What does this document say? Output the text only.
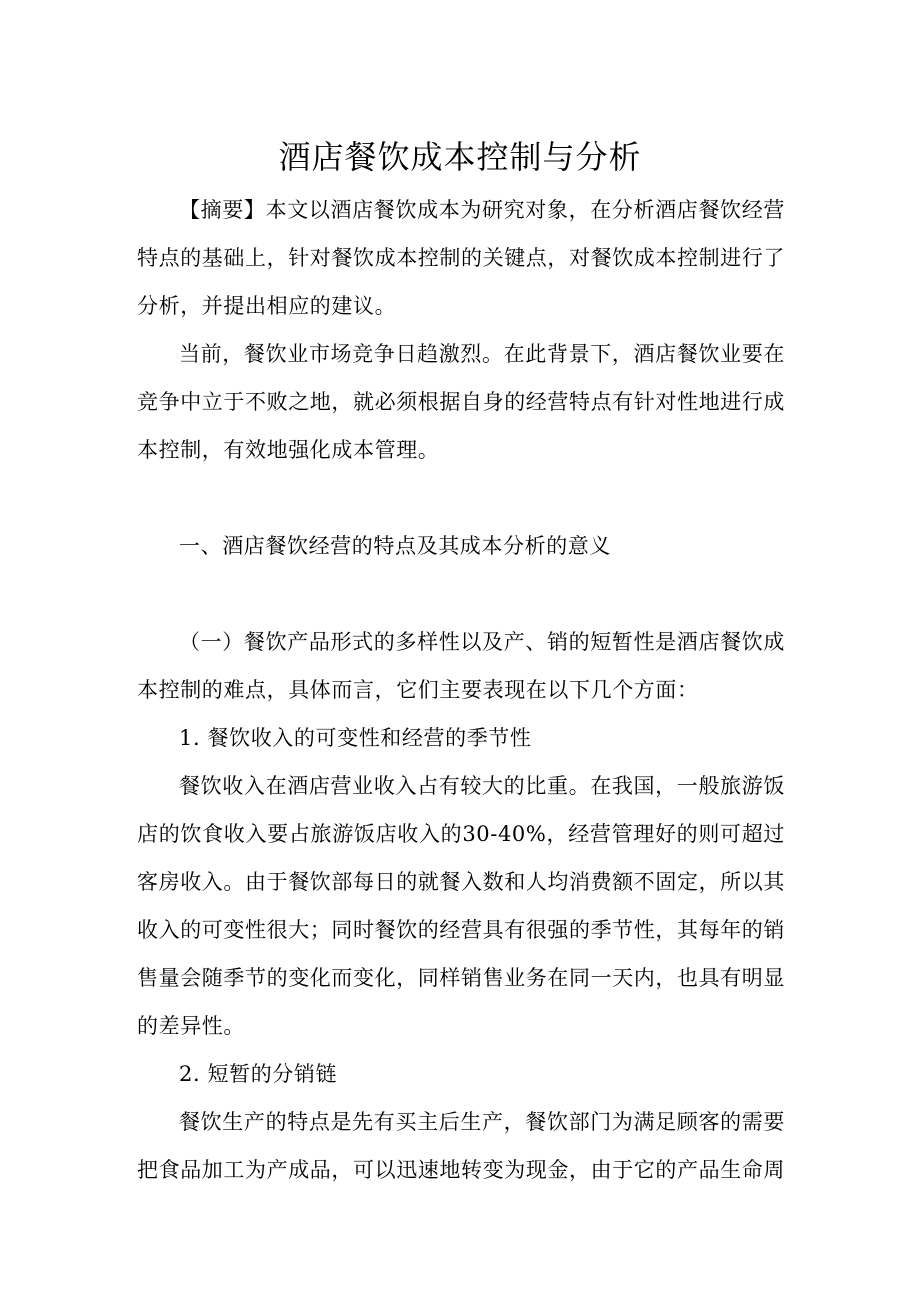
酒店餐饮成本控制与分析

【摘要】本文以酒店餐饮成本为研究对象，在分析酒店餐饮经营特点的基础上，针对餐饮成本控制的关键点，对餐饮成本控制进行了分析，并提出相应的建议。

当前，餐饮业市场竞争日趋激烈。在此背景下，酒店餐饮业要在竞争中立于不败之地，就必须根据自身的经营特点有针对性地进行成本控制，有效地强化成本管理。

一、酒店餐饮经营的特点及其成本分析的意义

（一）餐饮产品形式的多样性以及产、销的短暂性是酒店餐饮成本控制的难点，具体而言，它们主要表现在以下几个方面：

1. 餐饮收入的可变性和经营的季节性

餐饮收入在酒店营业收入占有较大的比重。在我国，一般旅游饭店的饮食收入要占旅游饭店收入的30-40%，经营管理好的则可超过客房收入。由于餐饮部每日的就餐入数和人均消费额不固定，所以其收入的可变性很大；同时餐饮的经营具有很强的季节性，其每年的销售量会随季节的变化而变化，同样销售业务在同一天内，也具有明显的差异性。

2. 短暂的分销链

餐饮生产的特点是先有买主后生产，餐饮部门为满足顾客的需要把食品加工为产成品，可以迅速地转变为现金，由于它的产品生命周
